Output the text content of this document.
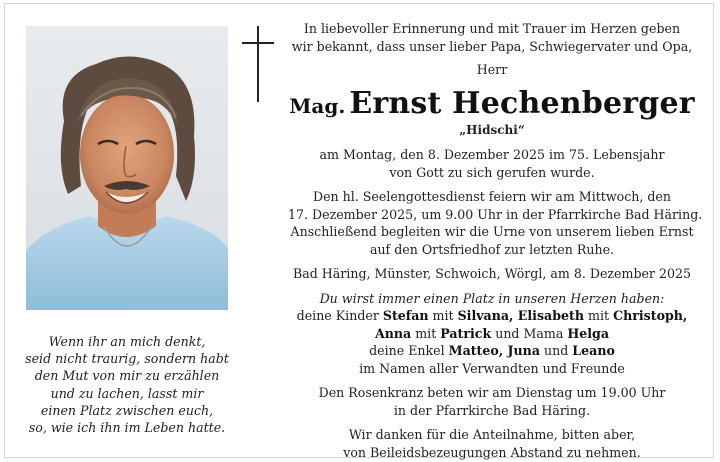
Wenn ihr an mich denkt,
seid nicht traurig, sondern habt
den Mut von mir zu erzählen
und zu lachen, lasst mir
einen Platz zwischen euch,
so, wie ich ihn im Leben hatte.
In liebevoller Erinnerung und mit Trauer im Herzen geben
wir bekannt, dass unser lieber Papa, Schwiegervater und Opa,
Herr
Mag. Ernst Hechenberger
„Hidschi“
am Montag, den 8. Dezember 2025 im 75. Lebensjahr
von Gott zu sich gerufen wurde.
Den hl. Seelengottesdienst feiern wir am Mittwoch, den
17. Dezember 2025, um 9.00 Uhr in der Pfarrkirche Bad Häring.
Anschließend begleiten wir die Urne von unserem lieben Ernst
auf den Ortsfriedhof zur letzten Ruhe.
Bad Häring, Münster, Schwoich, Wörgl, am 8. Dezember 2025
Du wirst immer einen Platz in unseren Herzen haben:
deine Kinder Stefan mit Silvana, Elisabeth mit Christoph,
Anna mit Patrick und Mama Helga
deine Enkel Matteo, Juna und Leano
im Namen aller Verwandten und Freunde
Den Rosenkranz beten wir am Dienstag um 19.00 Uhr
in der Pfarrkirche Bad Häring.
Wir danken für die Anteilnahme, bitten aber,
von Beileidsbezeugungen Abstand zu nehmen.
